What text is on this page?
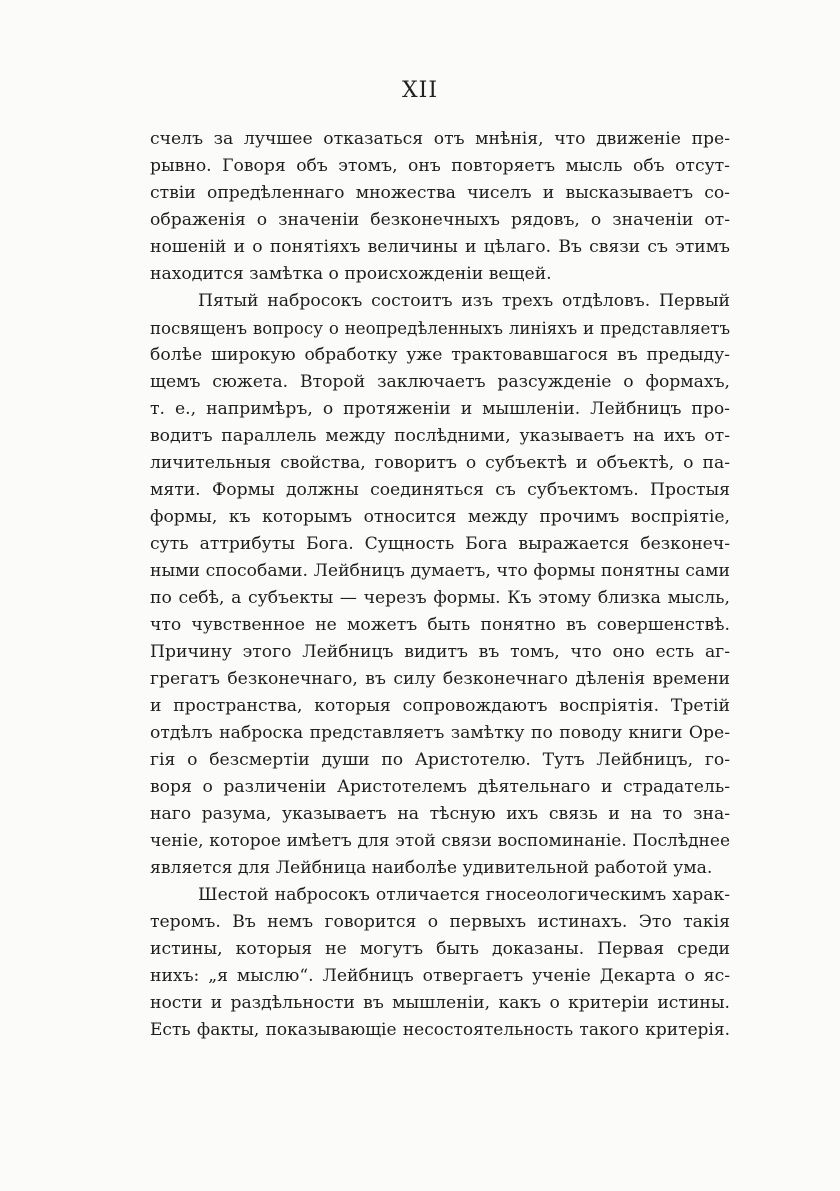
XII
счелъ за лучшее отказаться отъ мнѣнія, что движеніе пре-
рывно. Говоря объ этомъ, онъ повторяетъ мысль объ отсут-
ствіи опредѣленнаго множества чиселъ и высказываетъ со-
ображенія о значеніи безконечныхъ рядовъ, о значеніи от-
ношеній и о понятіяхъ величины и цѣлаго. Въ связи съ этимъ
находится замѣтка о происхожденіи вещей.
Пятый набросокъ состоитъ изъ трехъ отдѣловъ. Первый
посвященъ вопросу о неопредѣленныхъ линіяхъ и представляетъ
болѣе широкую обработку уже трактовавшагося въ предыду-
щемъ сюжета. Второй заключаетъ разсужденіе о формахъ,
т. е., напримѣръ, о протяженіи и мышленіи. Лейбницъ про-
водитъ параллель между послѣдними, указываетъ на ихъ от-
личительныя свойства, говоритъ о субъектѣ и объектѣ, о па-
мяти. Формы должны соединяться съ субъектомъ. Простыя
формы, къ которымъ относится между прочимъ воспріятіе,
суть аттрибуты Бога. Сущность Бога выражается безконеч-
ными способами. Лейбницъ думаетъ, что формы понятны сами
по себѣ, а субъекты — черезъ формы. Къ этому близка мысль,
что чувственное не можетъ быть понятно въ совершенствѣ.
Причину этого Лейбницъ видитъ въ томъ, что оно есть аг-
грегатъ безконечнаго, въ силу безконечнаго дѣленія времени
и пространства, которыя сопровождаютъ воспріятія. Третій
отдѣлъ наброска представляетъ замѣтку по поводу книги Оре-
гія о безсмертіи души по Аристотелю. Тутъ Лейбницъ, го-
воря о различеніи Аристотелемъ дѣятельнаго и страдатель-
наго разума, указываетъ на тѣсную ихъ связь и на то зна-
ченіе, которое имѣетъ для этой связи воспоминаніе. Послѣднее
является для Лейбница наиболѣе удивительной работой ума.
Шестой набросокъ отличается гносеологическимъ харак-
теромъ. Въ немъ говорится о первыхъ истинахъ. Это такія
истины, которыя не могутъ быть доказаны. Первая среди
нихъ: „я мыслю“. Лейбницъ отвергаетъ ученіе Декарта о яс-
ности и раздѣльности въ мышленіи, какъ о критеріи истины.
Есть факты, показывающіе несостоятельность такого критерія.
